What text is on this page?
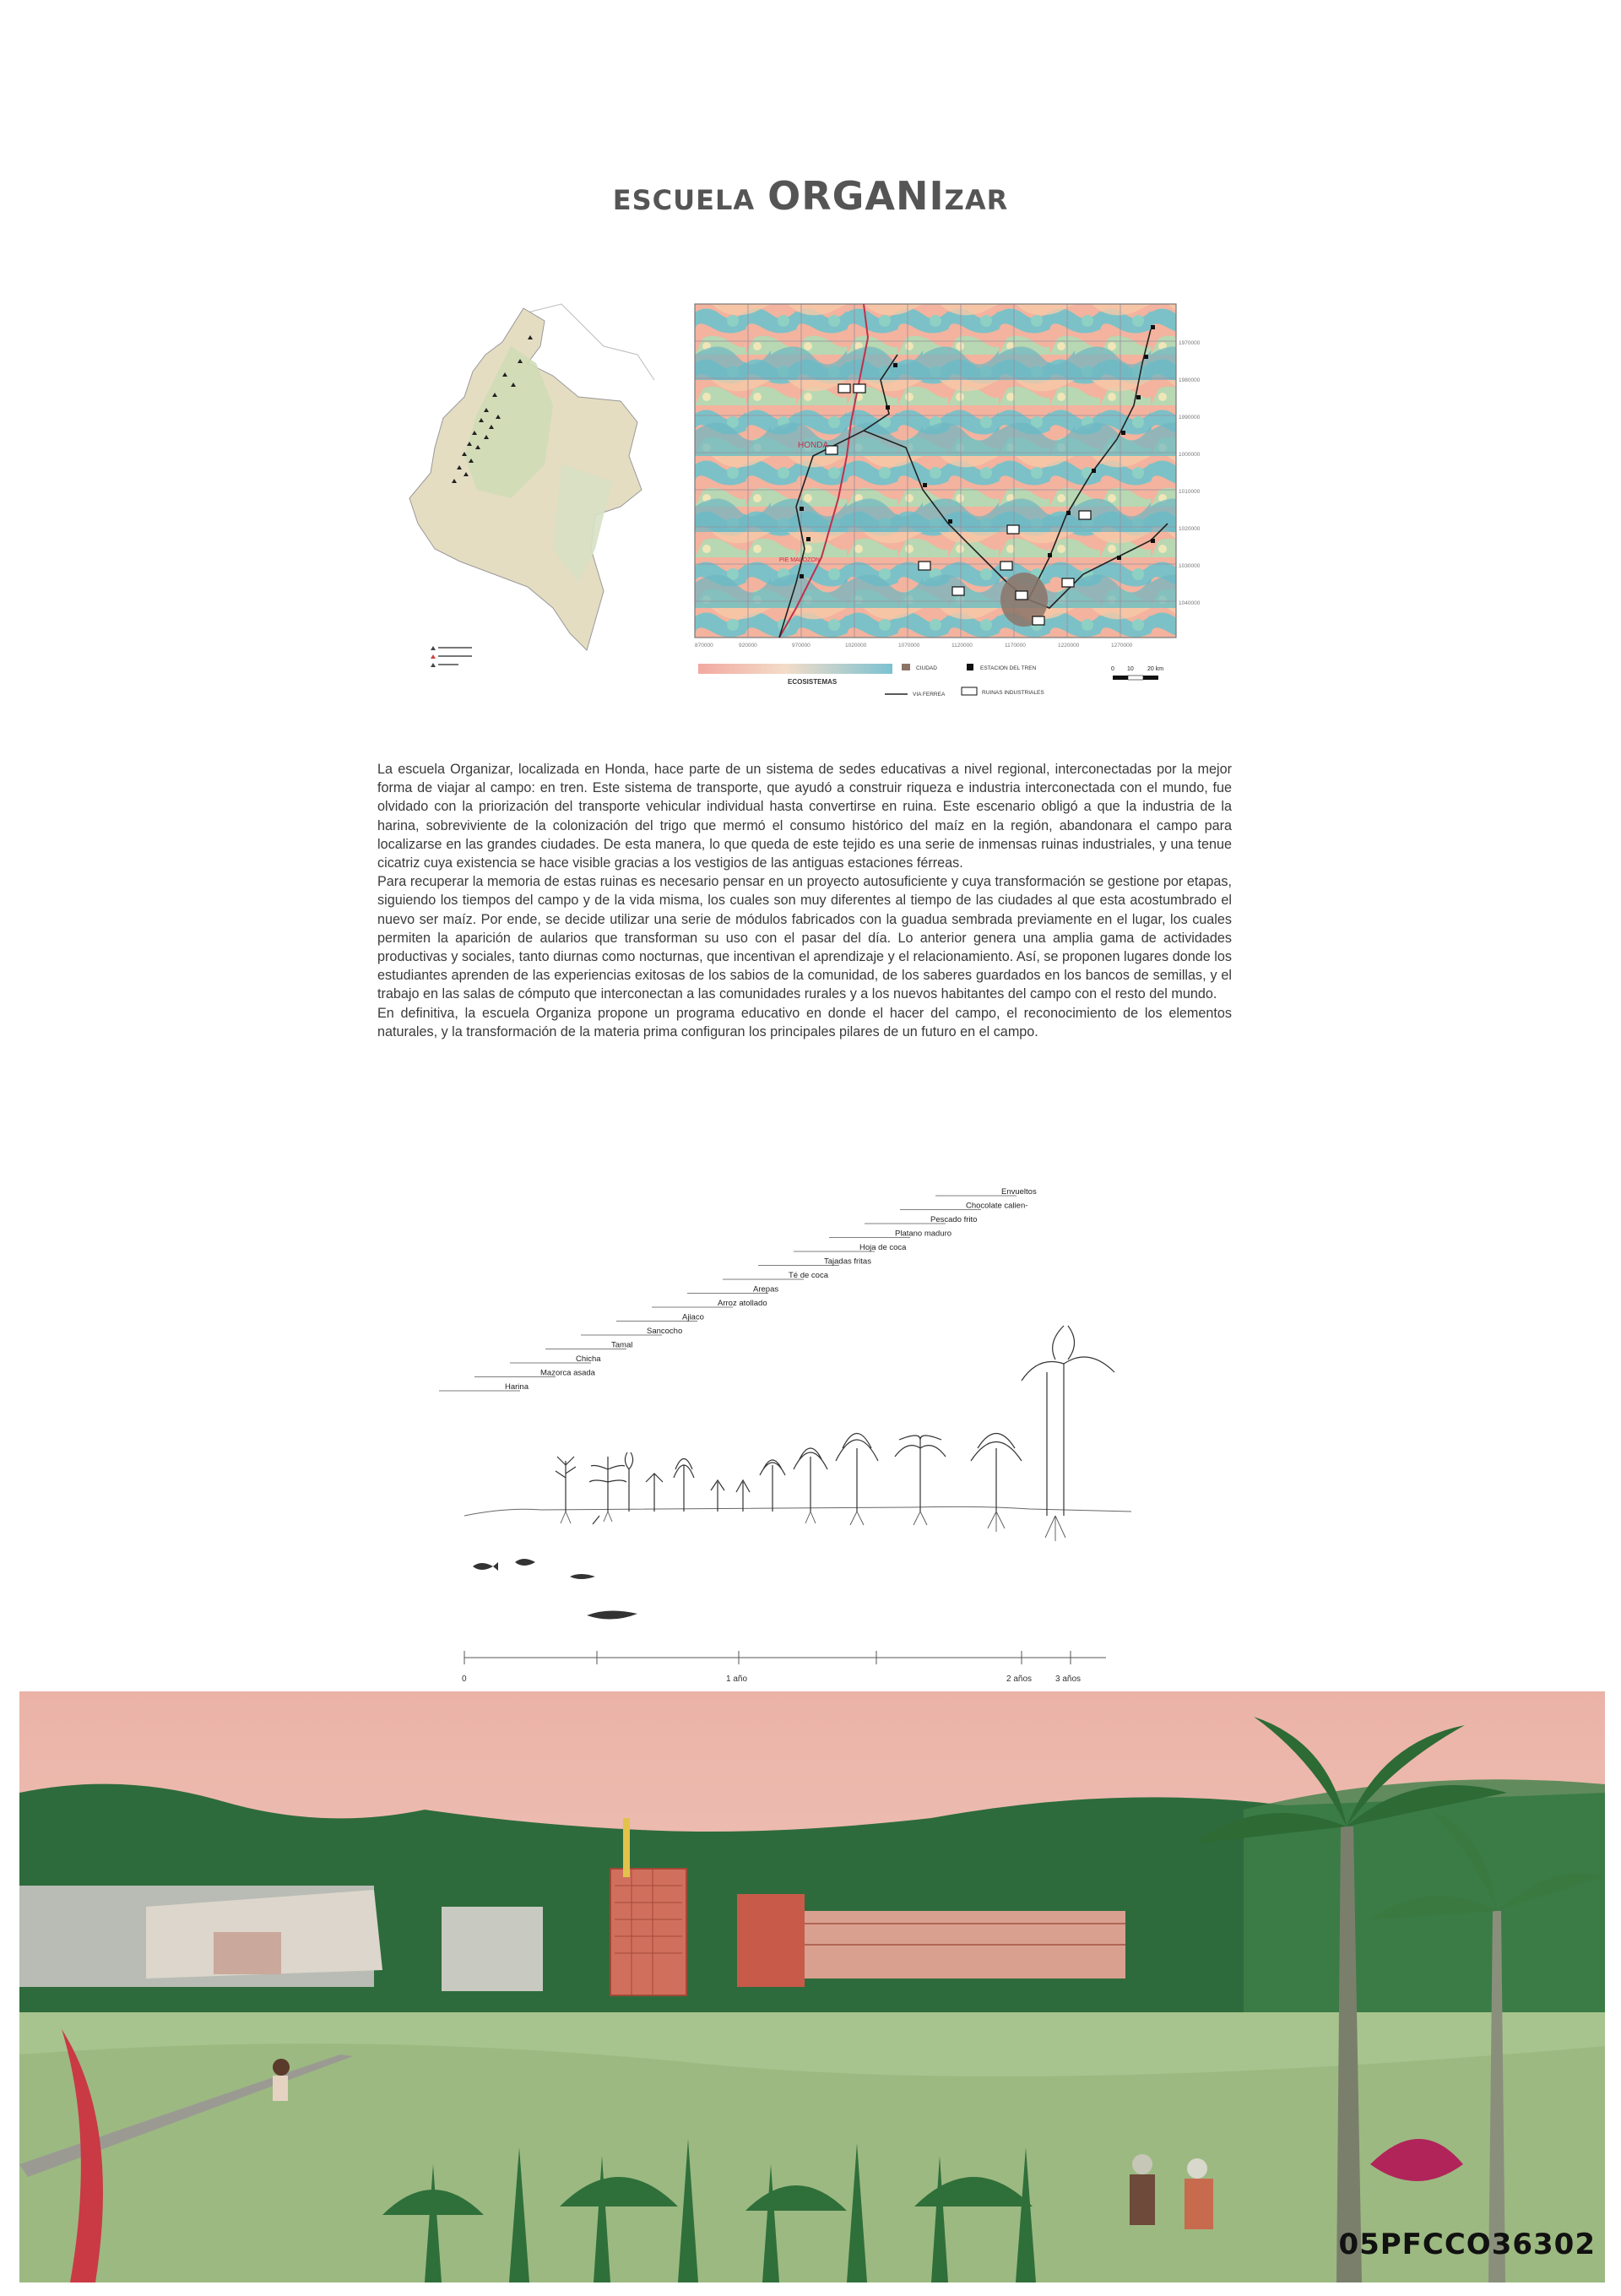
ESCUELA ORGANIZAR
HONDA
PIE MALOZON
870000	920000	970000	1020000	1070000	1120000	1170000	1220000	1270000
1970000
1980000
1990000
1000000
1010000
1020000
1030000
1040000
ECOSISTEMAS
CIUDAD
VIA FERREA
ESTACION DEL TREN
RUINAS INDUSTRIALES
0 10 20 km

La escuela Organizar, localizada en Honda, hace parte de un sistema de sedes educativas a nivel regional, interconectadas por la mejor forma de viajar al campo: en tren. Este sistema de transporte, que ayudó a construir riqueza e industria interconectada con el mundo, fue olvidado con la priorización del transporte vehicular individual hasta convertirse en ruina. Este escenario obligó a que la industria de la harina, sobreviviente de la colonización del trigo que mermó el consumo histórico del maíz en la región, abandonara el campo para localizarse en las grandes ciudades. De esta manera, lo que queda de este tejido es una serie de inmensas ruinas industriales, y una tenue cicatriz cuya existencia se hace visible gracias a los vestigios de las antiguas estaciones férreas.

Para recuperar la memoria de estas ruinas es necesario pensar en un proyecto autosuficiente y cuya transformación se gestione por etapas, siguiendo los tiempos del campo y de la vida misma, los cuales son muy diferentes al tiempo de las ciudades al que esta acostumbrado el nuevo ser maíz. Por ende, se decide utilizar una serie de módulos fabricados con la guadua sembrada previamente en el lugar, los cuales permiten la aparición de aularios que transforman su uso con el pasar del día. Lo anterior genera una amplia gama de actividades productivas y sociales, tanto diurnas como nocturnas, que incentivan el aprendizaje y el relacionamiento. Así, se proponen lugares donde los estudiantes aprenden de las experiencias exitosas de los sabios de la comunidad, de los saberes guardados en los bancos de semillas, y el trabajo en las salas de cómputo que interconectan a las comunidades rurales y a los nuevos habitantes del campo con el resto del mundo.

En definitiva, la escuela Organiza propone un programa educativo en donde el hacer del campo, el reconocimiento de los elementos naturales, y la transformación de la materia prima configuran los principales pilares de un futuro en el campo.

Harina
Mazorca asada
Chicha
Tamal
Sancocho
Ajiaco
Arroz atollado
Arepas
Té de coca
Tajadas fritas
Hoja de coca
Platano maduro
Pescado frito
Chocolate calien-
Envueltos
0	1 año	2 años	3 años
05PFCCO36302
